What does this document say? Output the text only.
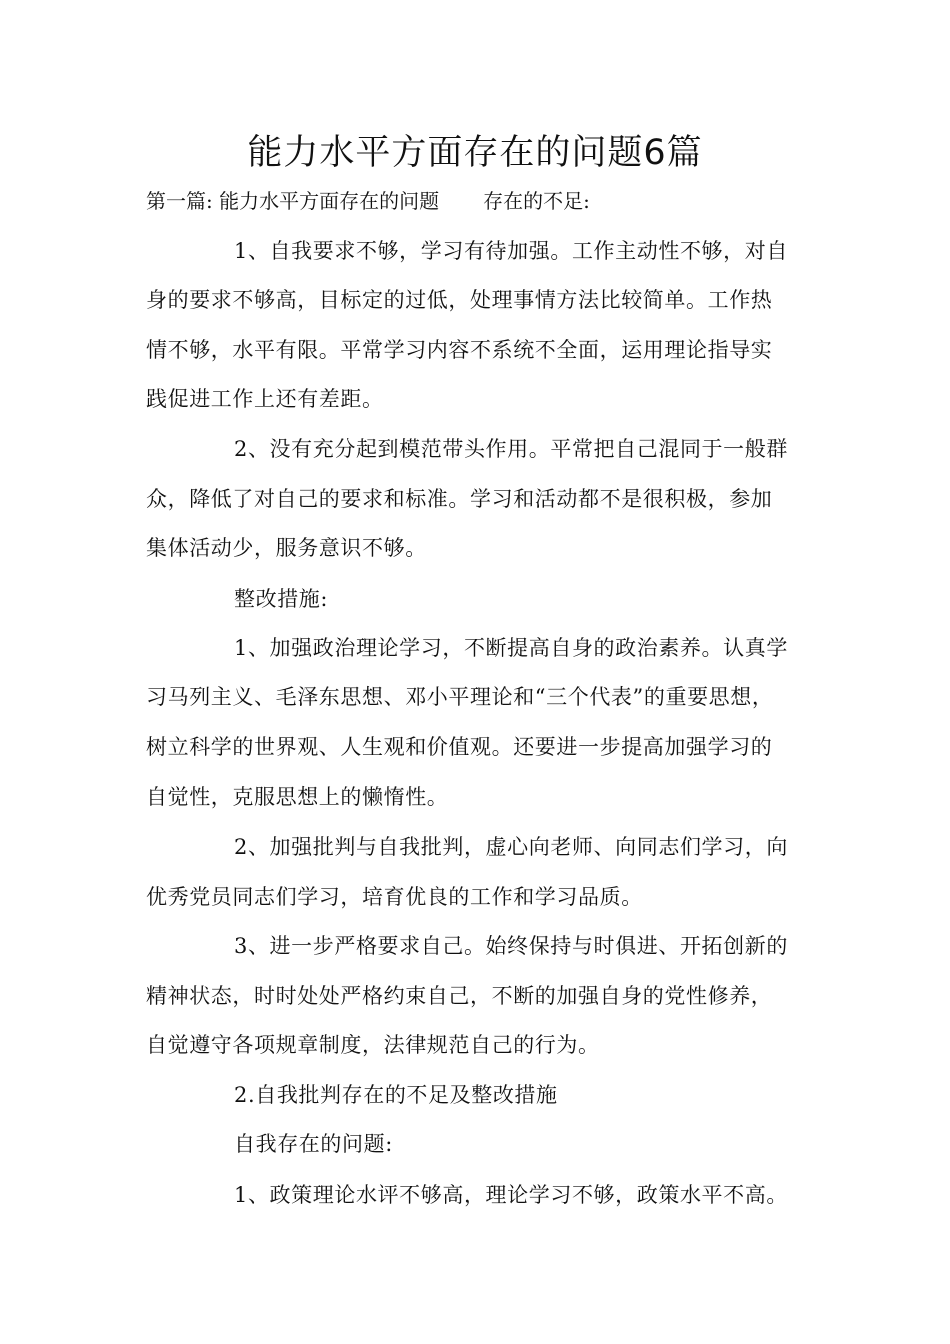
能力水平方面存在的问题6篇
第一篇: 能力水平方面存在的问题 存在的不足:
1、自我要求不够，学习有待加强。工作主动性不够，对自
身的要求不够高，目标定的过低，处理事情方法比较简单。工作热
情不够，水平有限。平常学习内容不系统不全面，运用理论指导实
践促进工作上还有差距。
2、没有充分起到模范带头作用。平常把自己混同于一般群
众，降低了对自己的要求和标准。学习和活动都不是很积极，参加
集体活动少，服务意识不够。
整改措施:
1、加强政治理论学习，不断提高自身的政治素养。认真学
习马列主义、毛泽东思想、邓小平理论和“三个代表”的重要思想，
树立科学的世界观、人生观和价值观。还要进一步提高加强学习的
自觉性，克服思想上的懒惰性。
2、加强批判与自我批判，虚心向老师、向同志们学习，向
优秀党员同志们学习，培育优良的工作和学习品质。
3、进一步严格要求自己。始终保持与时俱进、开拓创新的
精神状态，时时处处严格约束自己，不断的加强自身的党性修养，
自觉遵守各项规章制度，法律规范自己的行为。
2.自我批判存在的不足及整改措施
自我存在的问题:
1、政策理论水评不够高，理论学习不够，政策水平不高。
